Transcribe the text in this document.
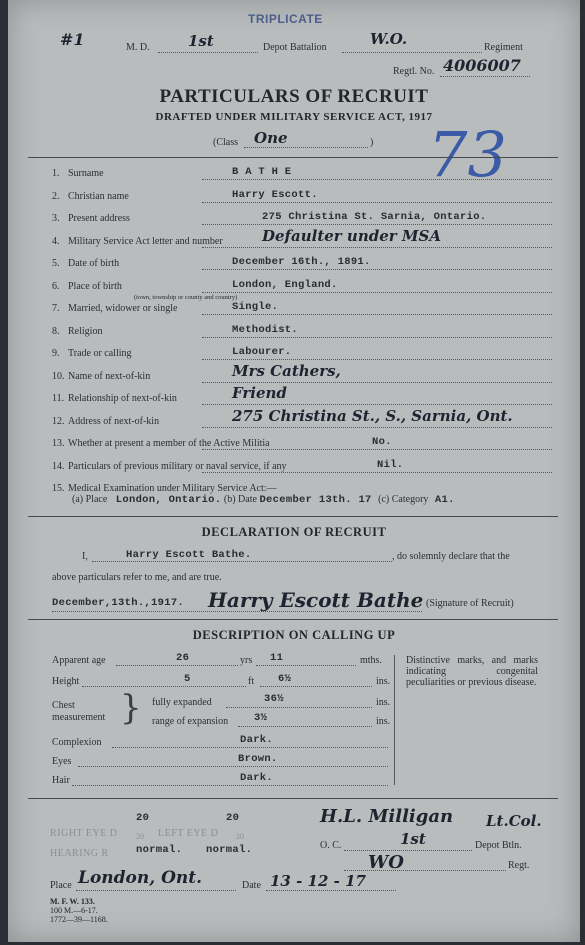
TRIPLICATE
#1	M. D.	1st	Depot Battalion	W.O.	Regiment
Regtl. No. 4006007
PARTICULARS OF RECRUIT
DRAFTED UNDER MILITARY SERVICE ACT, 1917
(Class One	) 73
1. Surname	B A T H E
2. Christian name	Harry Escott.
3. Present address	275 Christina St. Sarnia, Ontario.
4. Military Service Act letter and number	Defaulter under MSA
5. Date of birth	December 16th., 1891.
6. Place of birth	London, England.
(town, township or county and country)
7. Married, widower or single	Single.
8. Religion	Methodist.
9. Trade or calling	Labourer.
10. Name of next-of-kin	Mrs Cathers,
11. Relationship of next-of-kin	Friend
12. Address of next-of-kin	275 Christina St., S., Sarnia, Ont.
13. Whether at present a member of the Active Militia	No.
14. Particulars of previous military or naval service, if any	Nil.
15. Medical Examination under Military Service Act:—
(a) Place London, Ontario. (b) Date December 13th. 17 (c) Category A1.
DECLARATION OF RECRUIT
I,	Harry Escott Bathe.	, do solemnly declare that the
above particulars refer to me, and are true.
December,13th.,1917. Harry Escott Bathe (Signature of Recruit)
DESCRIPTION ON CALLING UP
Apparent age	26	yrs 11	mths.
Height	5	ft 6½	ins.
Chest
measurement } fully expanded	36½	ins.
range of expansion 3½	ins.
Complexion	Dark.
Eyes	Brown.
Hair	Dark.
Distinctive marks, and marks indicating congenital peculiarities or previous disease.
20	20
RIGHT EYE D 20 LEFT EYE D 20
HEARING R	normal. normal.
H.L. Milligan Lt.Col.
O. C.	1st	Depot Btln.
WO	Regt.
Place London, Ont.	Date 13 - 12 - 17
M. F. W. 133.
100 M.—6-17.
1772—39—1168.
